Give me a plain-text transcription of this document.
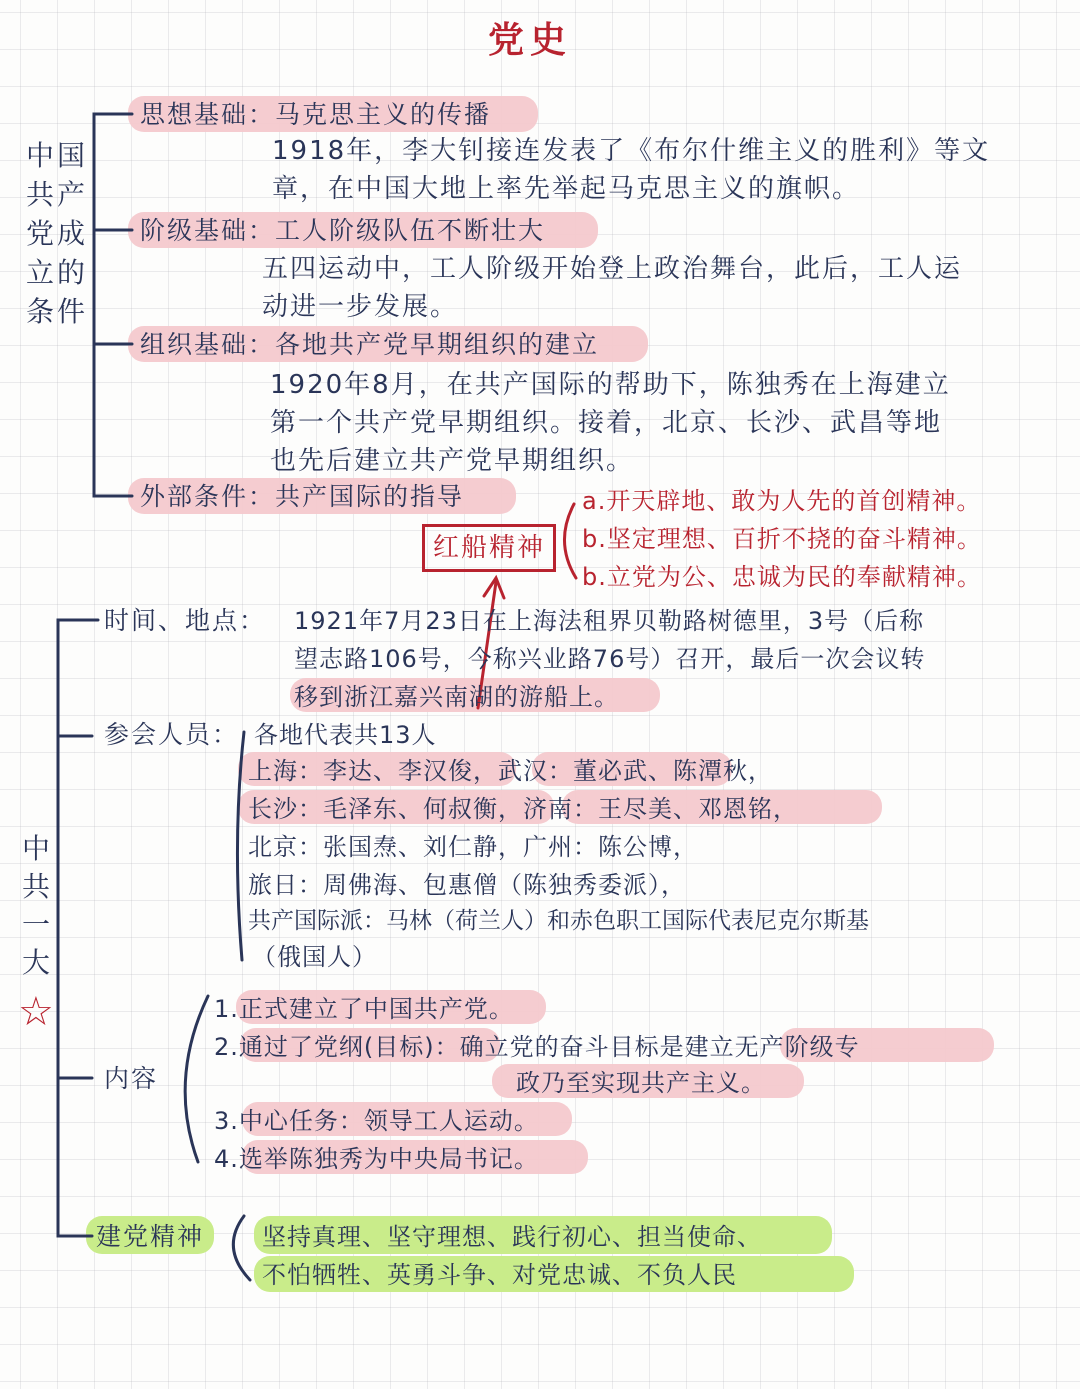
党史
中国共产党成立的条件
思想基础：马克思主义的传播
1918年，李大钊接连发表了《布尔什维主义的胜利》等文
章，在中国大地上率先举起马克思主义的旗帜。
阶级基础：工人阶级队伍不断壮大
五四运动中，工人阶级开始登上政治舞台，此后，工人运
动进一步发展。
组织基础：各地共产党早期组织的建立
1920年8月，在共产国际的帮助下，陈独秀在上海建立
第一个共产党早期组织。接着，北京、长沙、武昌等地
也先后建立共产党早期组织。
外部条件：共产国际的指导
红船精神
a.开天辟地、敢为人先的首创精神。
b.坚定理想、百折不挠的奋斗精神。
b.立党为公、忠诚为民的奉献精神。
中共一大
☆
时间、地点： 1921年7月23日在上海法租界贝勒路树德里，3号（后称
望志路106号，今称兴业路76号）召开，最后一次会议转
移到浙江嘉兴南湖的游船上。
参会人员： 各地代表共13人
上海：李达、李汉俊，武汉：董必武、陈潭秋，
长沙：毛泽东、何叔衡，济南：王尽美、邓恩铭，
北京：张国焘、刘仁静，广州：陈公博，
旅日：周佛海、包惠僧（陈独秀委派），
共产国际派：马林（荷兰人）和赤色职工国际代表尼克尔斯基
（俄国人）
内容
1.正式建立了中国共产党。
2.通过了党纲(目标)：确立党的奋斗目标是建立无产阶级专
政乃至实现共产主义。
3.中心任务：领导工人运动。
4.选举陈独秀为中央局书记。
建党精神 坚持真理、坚守理想、践行初心、担当使命、
不怕牺牲、英勇斗争、对党忠诚、不负人民
